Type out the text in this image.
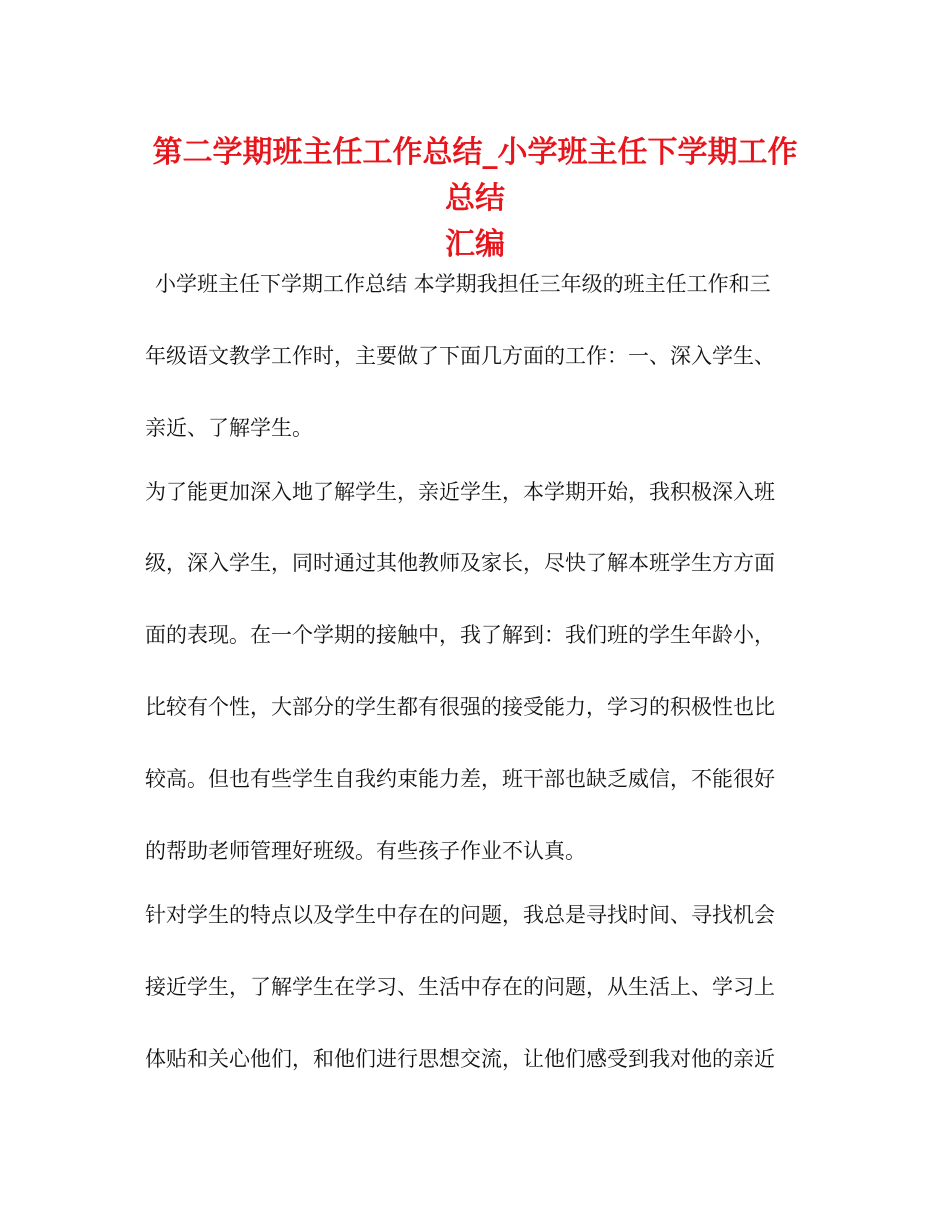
第二学期班主任工作总结_小学班主任下学期工作总结
汇编
小学班主任下学期工作总结 本学期我担任三年级的班主任工作和三
年级语文教学工作时，主要做了下面几方面的工作：一、深入学生、
亲近、了解学生。
为了能更加深入地了解学生，亲近学生，本学期开始，我积极深入班
级，深入学生，同时通过其他教师及家长，尽快了解本班学生方方面
面的表现。在一个学期的接触中，我了解到：我们班的学生年龄小，
比较有个性，大部分的学生都有很强的接受能力，学习的积极性也比
较高。但也有些学生自我约束能力差，班干部也缺乏威信，不能很好
的帮助老师管理好班级。有些孩子作业不认真。
针对学生的特点以及学生中存在的问题，我总是寻找时间、寻找机会
接近学生，了解学生在学习、生活中存在的问题，从生活上、学习上
体贴和关心他们，和他们进行思想交流，让他们感受到我对他的亲近
